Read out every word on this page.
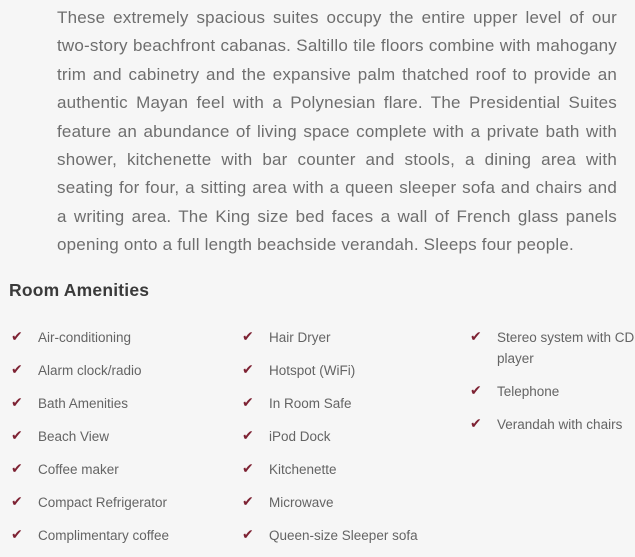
These extremely spacious suites occupy the entire upper level of our two-story beachfront cabanas. Saltillo tile floors combine with mahogany trim and cabinetry and the expansive palm thatched roof to provide an authentic Mayan feel with a Polynesian flare. The Presidential Suites feature an abundance of living space complete with a private bath with shower, kitchenette with bar counter and stools, a dining area with seating for four, a sitting area with a queen sleeper sofa and chairs and a writing area. The King size bed faces a wall of French glass panels opening onto a full length beachside verandah. Sleeps four people.

Room Amenities
✔	Air-conditioning
✔	Alarm clock/radio
✔	Bath Amenities
✔	Beach View
✔	Coffee maker
✔	Compact Refrigerator
✔	Complimentary coffee
✔	Hair Dryer
✔	Hotspot (WiFi)
✔	In Room Safe
✔	iPod Dock
✔	Kitchenette
✔	Microwave
✔	Queen-size Sleeper sofa
✔	Stereo system with CD player
✔	Telephone
✔	Verandah with chairs
